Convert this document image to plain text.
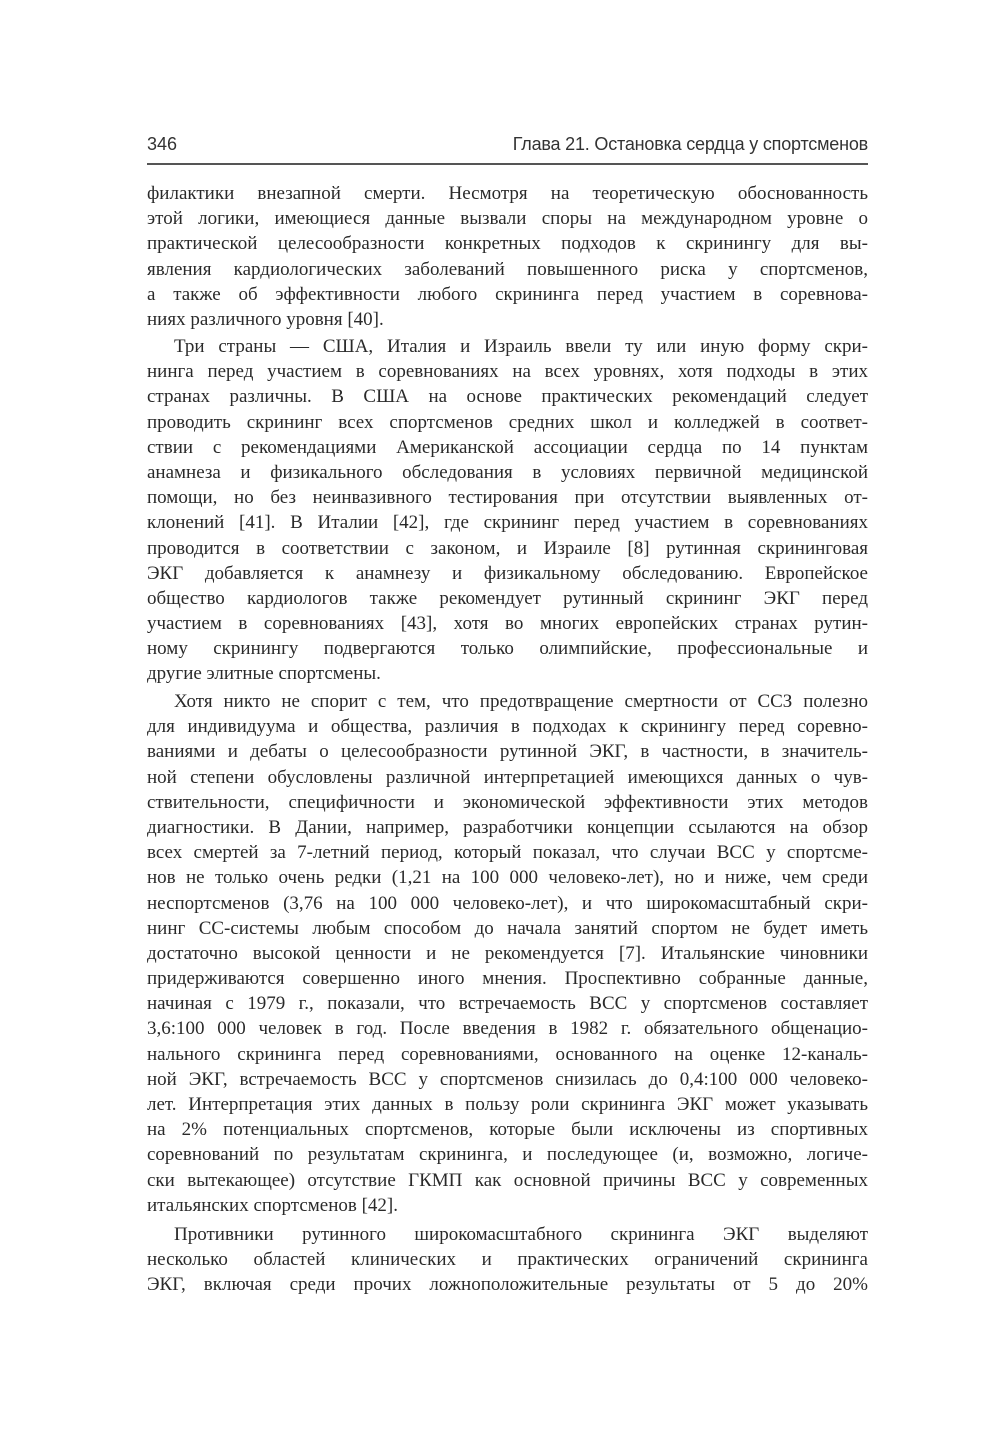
346	Глава 21. Остановка сердца у спортсменов
филактики внезапной смерти. Несмотря на теоретическую обоснованность
этой логики, имеющиеся данные вызвали споры на международном уровне о
практической целесообразности конкретных подходов к скринингу для вы-
явления кардиологических заболеваний повышенного риска у спортсменов,
а также об эффективности любого скрининга перед участием в соревнова-
ниях различного уровня [40].
Три страны — США, Италия и Израиль ввели ту или иную форму скри-
нинга перед участием в соревнованиях на всех уровнях, хотя подходы в этих
странах различны. В США на основе практических рекомендаций следует
проводить скрининг всех спортсменов средних школ и колледжей в соответ-
ствии с рекомендациями Американской ассоциации сердца по 14 пунктам
анамнеза и физикального обследования в условиях первичной медицинской
помощи, но без неинвазивного тестирования при отсутствии выявленных от-
клонений [41]. В Италии [42], где скрининг перед участием в соревнованиях
проводится в соответствии с законом, и Израиле [8] рутинная скрининговая
ЭКГ добавляется к анамнезу и физикальному обследованию. Европейское
общество кардиологов также рекомендует рутинный скрининг ЭКГ перед
участием в соревнованиях [43], хотя во многих европейских странах рутин-
ному скринингу подвергаются только олимпийские, профессиональные и
другие элитные спортсмены.
Хотя никто не спорит с тем, что предотвращение смертности от ССЗ полезно
для индивидуума и общества, различия в подходах к скринингу перед соревно-
ваниями и дебаты о целесообразности рутинной ЭКГ, в частности, в значитель-
ной степени обусловлены различной интерпретацией имеющихся данных о чув-
ствительности, специфичности и экономической эффективности этих методов
диагностики. В Дании, например, разработчики концепции ссылаются на обзор
всех смертей за 7-летний период, который показал, что случаи ВСС у спортсме-
нов не только очень редки (1,21 на 100 000 человеко-лет), но и ниже, чем среди
неспортсменов (3,76 на 100 000 человеко-лет), и что широкомасштабный скри-
нинг СС-системы любым способом до начала занятий спортом не будет иметь
достаточно высокой ценности и не рекомендуется [7]. Итальянские чиновники
придерживаются совершенно иного мнения. Проспективно собранные данные,
начиная с 1979 г., показали, что встречаемость ВСС у спортсменов составляет
3,6:100 000 человек в год. После введения в 1982 г. обязательного общенацио-
нального скрининга перед соревнованиями, основанного на оценке 12-каналь-
ной ЭКГ, встречаемость ВСС у спортсменов снизилась до 0,4:100 000 человеко-
лет. Интерпретация этих данных в пользу роли скрининга ЭКГ может указывать
на 2% потенциальных спортсменов, которые были исключены из спортивных
соревнований по результатам скрининга, и последующее (и, возможно, логиче-
ски вытекающее) отсутствие ГКМП как основной причины ВСС у современных
итальянских спортсменов [42].
Противники рутинного широкомасштабного скрининга ЭКГ выделяют
несколько областей клинических и практических ограничений скрининга
ЭКГ, включая среди прочих ложноположительные результаты от 5 до 20%
